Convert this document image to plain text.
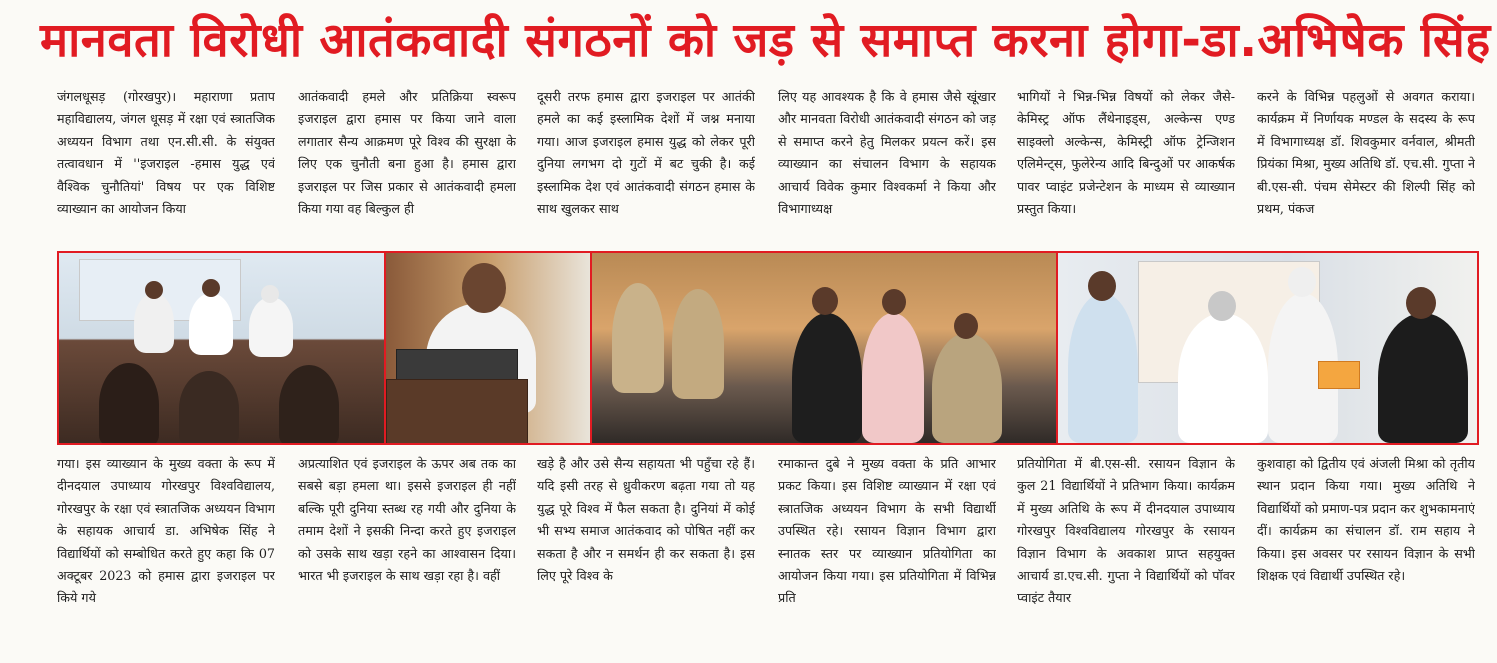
मानवता विरोधी आतंकवादी संगठनों को जड़ से समाप्त करना होगा-डा.अभिषेक सिंह
जंगलधूसड़ (गोरखपुर)। महाराणा प्रताप महाविद्यालय, जंगल धूसड़ में रक्षा एवं स्त्रातजिक अध्ययन विभाग तथा एन.सी.सी. के संयुक्त तत्वावधान में ''इजराइल -हमास युद्ध एवं वैश्विक चुनौतियां' विषय पर एक विशिष्ट व्याख्यान का आयोजन किया
आतंकवादी हमले और प्रतिक्रिया स्वरूप इजराइल द्वारा हमास पर किया जाने वाला लगातार सैन्य आक्रमण पूरे विश्व की सुरक्षा के लिए एक चुनौती बना हुआ है। हमास द्वारा इजराइल पर जिस प्रकार से आतंकवादी हमला किया गया वह बिल्कुल ही
दूसरी तरफ हमास द्वारा इजराइल पर आतंकी हमले का कई इस्लामिक देशों में जश्न मनाया गया। आज इजराइल हमास युद्ध को लेकर पूरी दुनिया लगभग दो गुटों में बट चुकी है। कई इस्लामिक देश एवं आतंकवादी संगठन हमास के साथ खुलकर साथ
लिए यह आवश्यक है कि वे हमास जैसे खूंखार और मानवता विरोधी आतंकवादी संगठन को जड़ से समाप्त करने हेतु मिलकर प्रयत्न करें। इस व्याख्यान का संचालन विभाग के सहायक आचार्य विवेक कुमार विश्वकर्मा ने किया और विभागाध्यक्ष
भागियों ने भिन्न-भिन्न विषयों को लेकर जैसे-केमिस्ट्र ऑफ लैंथेनाइड्स, अल्केन्स एण्ड साइक्लो अल्केन्स, केमिस्ट्री ऑफ ट्रेन्जिशन एलिमेन्ट्स, फुलेरेन्य आदि बिन्दुओं पर आकर्षक पावर प्वाइंट प्रजेन्टेशन के माध्यम से व्याख्यान प्रस्तुत किया।
करने के विभिन्न पहलुओं से अवगत कराया। कार्यक्रम में निर्णायक मण्डल के सदस्य के रूप में विभागाध्यक्ष डॉ. शिवकुमार वर्नवाल, श्रीमती प्रियंका मिश्रा, मुख्य अतिथि डॉ. एच.सी. गुप्ता ने बी.एस-सी. पंचम सेमेस्टर की शिल्पी सिंह को प्रथम, पंकज
गया। इस व्याख्यान के मुख्य वक्ता के रूप में दीनदयाल उपाध्याय गोरखपुर विश्वविद्यालय, गोरखपुर के रक्षा एवं स्त्रातजिक अध्ययन विभाग के सहायक आचार्य डा. अभिषेक सिंह ने विद्यार्थियों को सम्बोधित करते हुए कहा कि 07 अक्टूबर 2023 को हमास द्वारा इजराइल पर किये गये
अप्रत्याशित एवं इजराइल के ऊपर अब तक का सबसे बड़ा हमला था। इससे इजराइल ही नहीं बल्कि पूरी दुनिया स्तब्ध रह गयी और दुनिया के तमाम देशों ने इसकी निन्दा करते हुए इजराइल को उसके साथ खड़ा रहने का आश्वासन दिया। भारत भी इजराइल के साथ खड़ा रहा है। वहीं
खड़े है और उसे सैन्य सहायता भी पहुँचा रहे हैं। यदि इसी तरह से ध्रुवीकरण बढ़ता गया तो यह युद्ध पूरे विश्व में फैल सकता है। दुनियां में कोई भी सभ्य समाज आतंकवाद को पोषित नहीं कर सकता है और न समर्थन ही कर सकता है। इस लिए पूरे विश्व के
रमाकान्त दुबे ने मुख्य वक्ता के प्रति आभार प्रकट किया। इस विशिष्ट व्याख्यान में रक्षा एवं स्त्रातजिक अध्ययन विभाग के सभी विद्यार्थी उपस्थित रहे। रसायन विज्ञान विभाग द्वारा स्नातक स्तर पर व्याख्यान प्रतियोगिता का आयोजन किया गया। इस प्रतियोगिता में विभिन्न प्रति
प्रतियोगिता में बी.एस-सी. रसायन विज्ञान के कुल 21 विद्यार्थियों ने प्रतिभाग किया। कार्यक्रम में मुख्य अतिथि के रूप में दीनदयाल उपाध्याय गोरखपुर विश्वविद्यालय गोरखपुर के रसायन विज्ञान विभाग के अवकाश प्राप्त सहयुक्त आचार्य डा.एच.सी. गुप्ता ने विद्यार्थियों को पॉवर प्वाइंट तैयार
कुशवाहा को द्वितीय एवं अंजली मिश्रा को तृतीय स्थान प्रदान किया गया। मुख्य अतिथि ने विद्यार्थियों को प्रमाण-पत्र प्रदान कर शुभकामनाएं दीं। कार्यक्रम का संचालन डॉ. राम सहाय ने किया। इस अवसर पर रसायन विज्ञान के सभी शिक्षक एवं विद्यार्थी उपस्थित रहे।
